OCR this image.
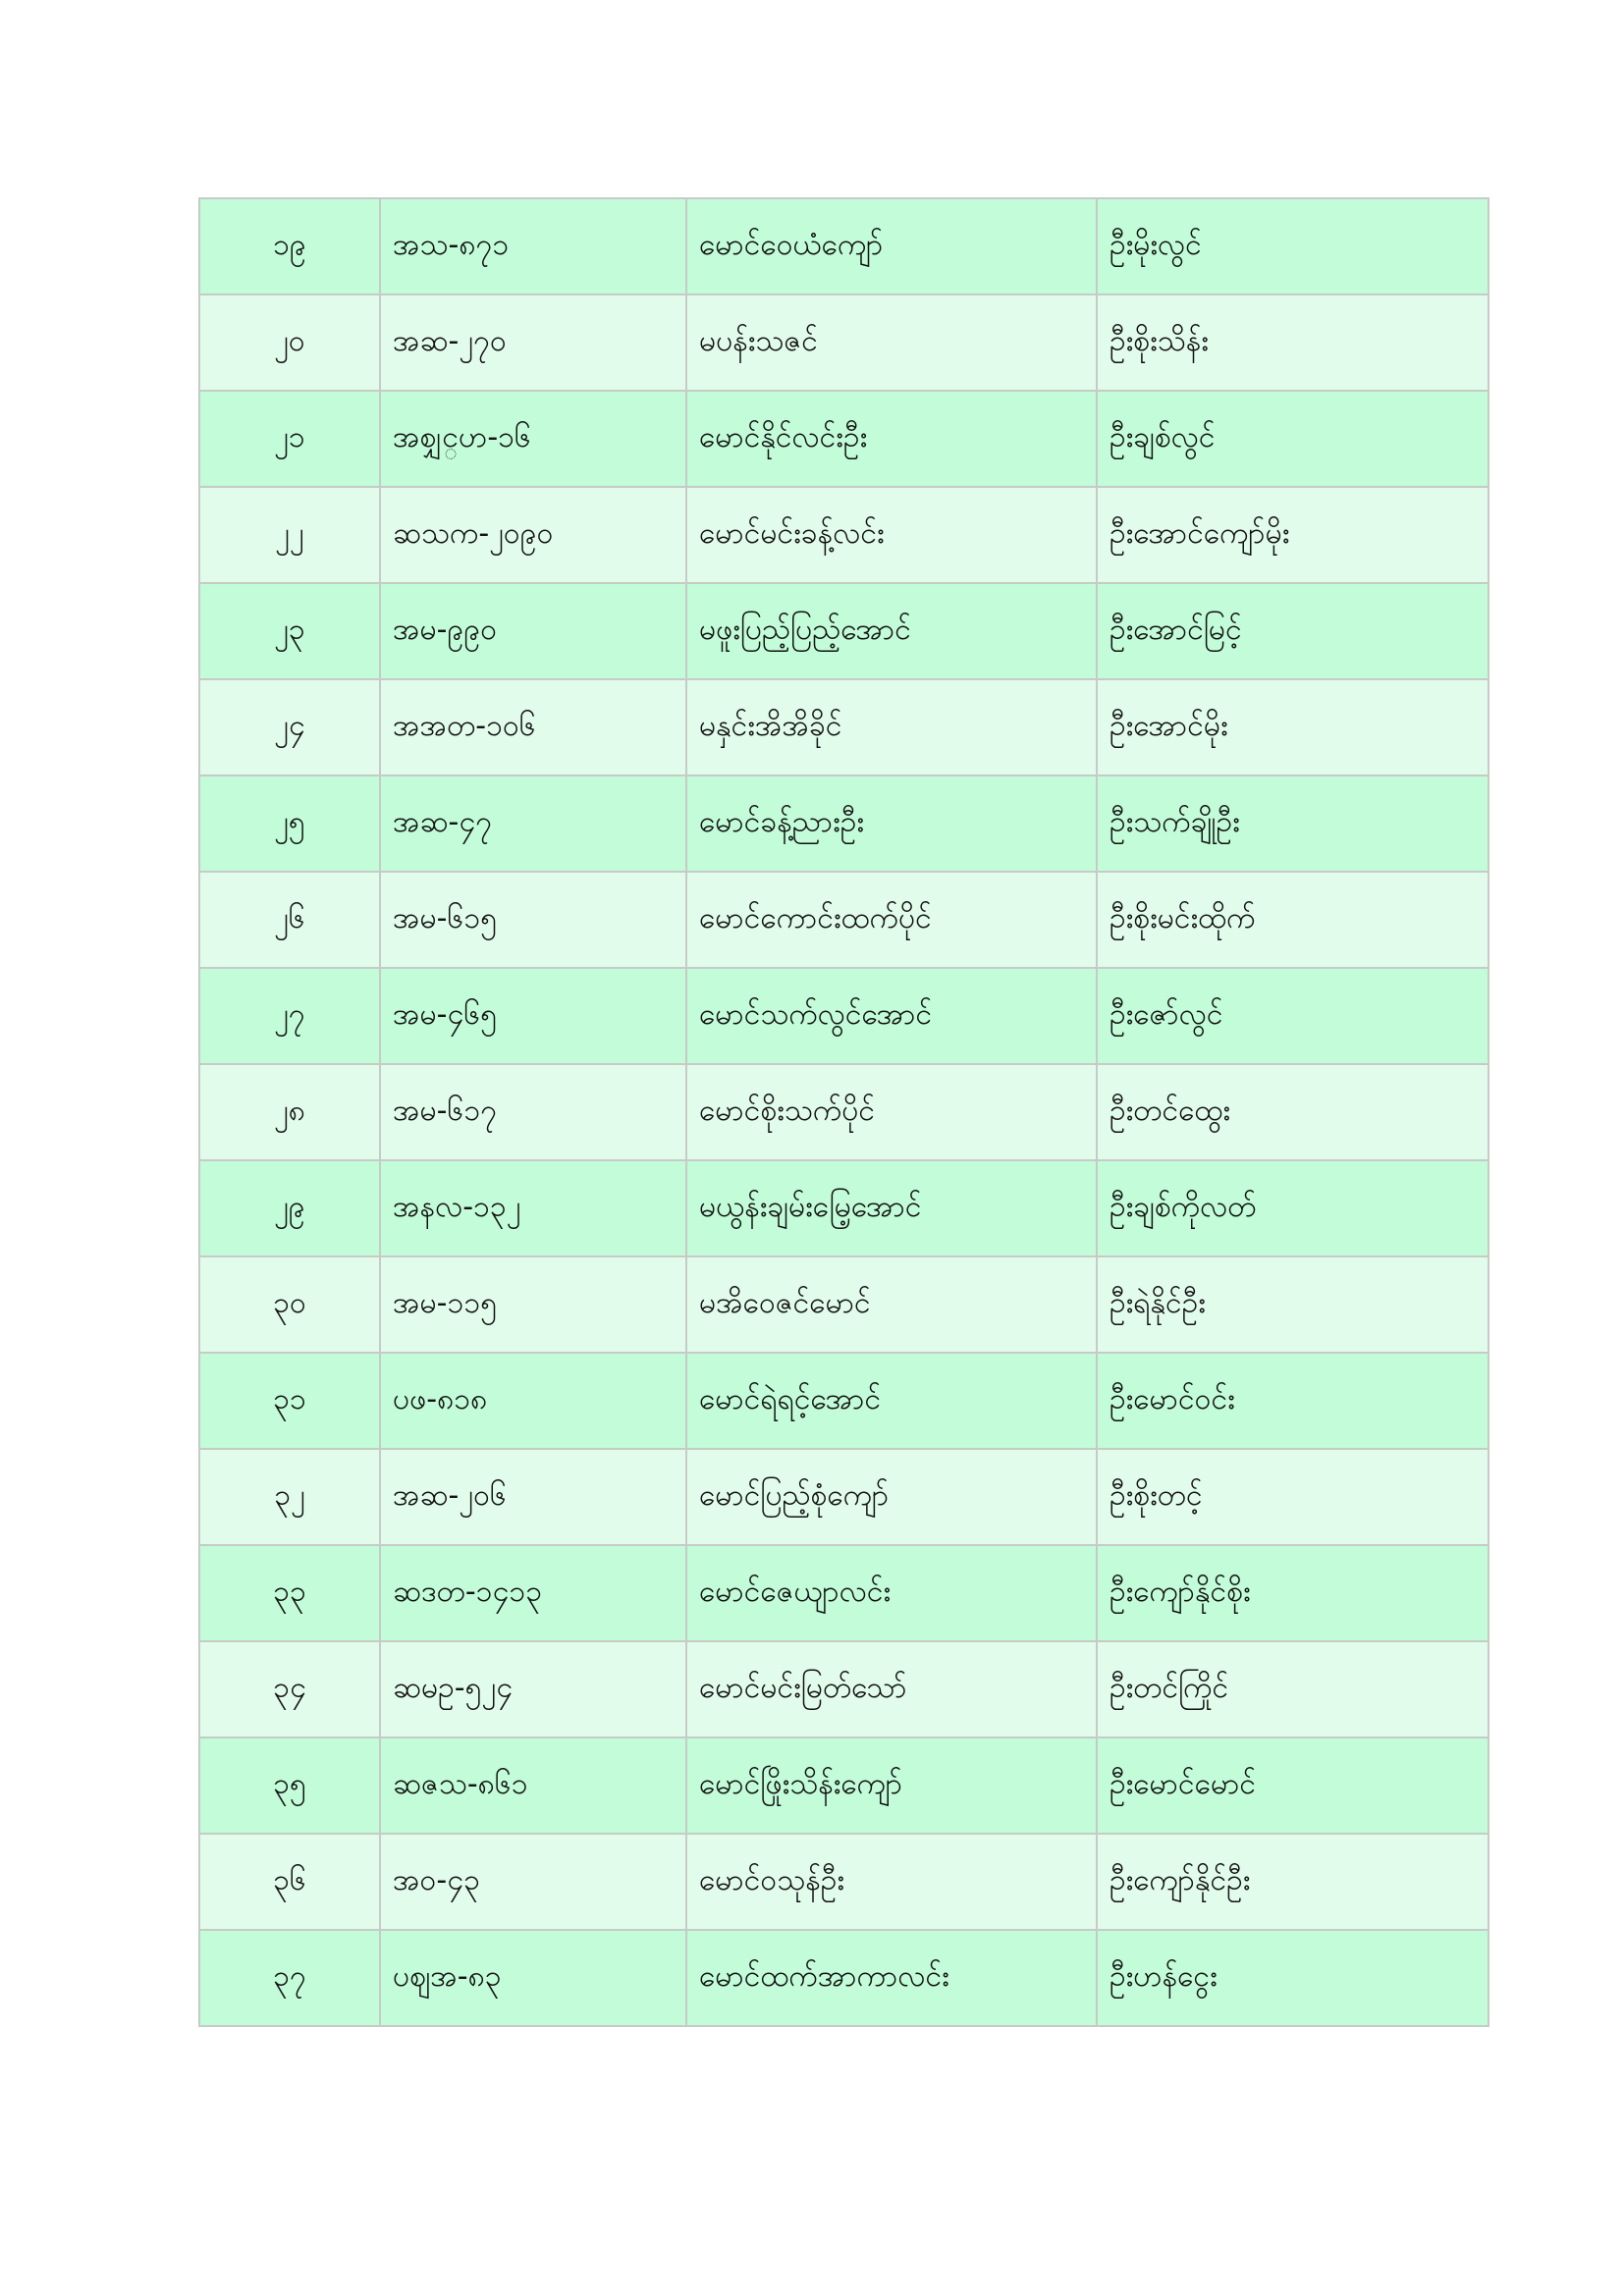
၁၉	အသ-၈၇၁	မောင်ဝေယံကျော်	ဦးမိုးလွင်
၂၀	အဆ-၂၇၀	မပန်းသဇင်	ဦးစိုးသိန်း
၂၁	အစျှင္ဟ-၁၆	မောင်နိုင်လင်းဦး	ဦးချစ်လွင်
၂၂	ဆသက-၂၀၉၀	မောင်မင်းခန့်လင်း	ဦးအောင်ကျော်မိုး
၂၃	အမ-၉၉၀	မဖူးပြည့်ပြည့်အောင်	ဦးအောင်မြင့်
၂၄	အအတ-၁၀၆	မနှင်းအိအိခိုင်	ဦးအောင်မိုး
၂၅	အဆ-၄၇	မောင်ခန့်ညားဦး	ဦးသက်ချိုဦး
၂၆	အမ-၆၁၅	မောင်ကောင်းထက်ပိုင်	ဦးစိုးမင်းထိုက်
၂၇	အမ-၄၆၅	မောင်သက်လွင်အောင်	ဦးဇော်လွင်
၂၈	အမ-၆၁၇	မောင်စိုးသက်ပိုင်	ဦးတင်ထွေး
၂၉	အနလ-၁၃၂	မယွန်းချမ်းမြေ့အောင်	ဦးချစ်ကိုလတ်
၃၀	အမ-၁၁၅	မအိဝေဇင်မောင်	ဦးရဲနိုင်ဦး
၃၁	ပဖ-၈၁၈	မောင်ရဲရင့်အောင်	ဦးမောင်ဝင်း
၃၂	အဆ-၂၀၆	မောင်ပြည့်စုံကျော်	ဦးစိုးတင့်
၃၃	ဆဒတ-၁၄၁၃	မောင်ဇေယျာလင်း	ဦးကျော်နိုင်စိုး
၃၄	ဆမဥ-၅၂၄	မောင်မင်းမြတ်သော်	ဦးတင်ကြိုင်
၃၅	ဆဇသ-၈၆၁	မောင်ဖြိုးသိန်းကျော်	ဦးမောင်မောင်
၃၆	အဝ-၄၃	မောင်ဝသုန်ဦး	ဦးကျော်နိုင်ဦး
၃၇	ပဈအ-၈၃	မောင်ထက်အာကာလင်း	ဦးဟန်ငွေး
